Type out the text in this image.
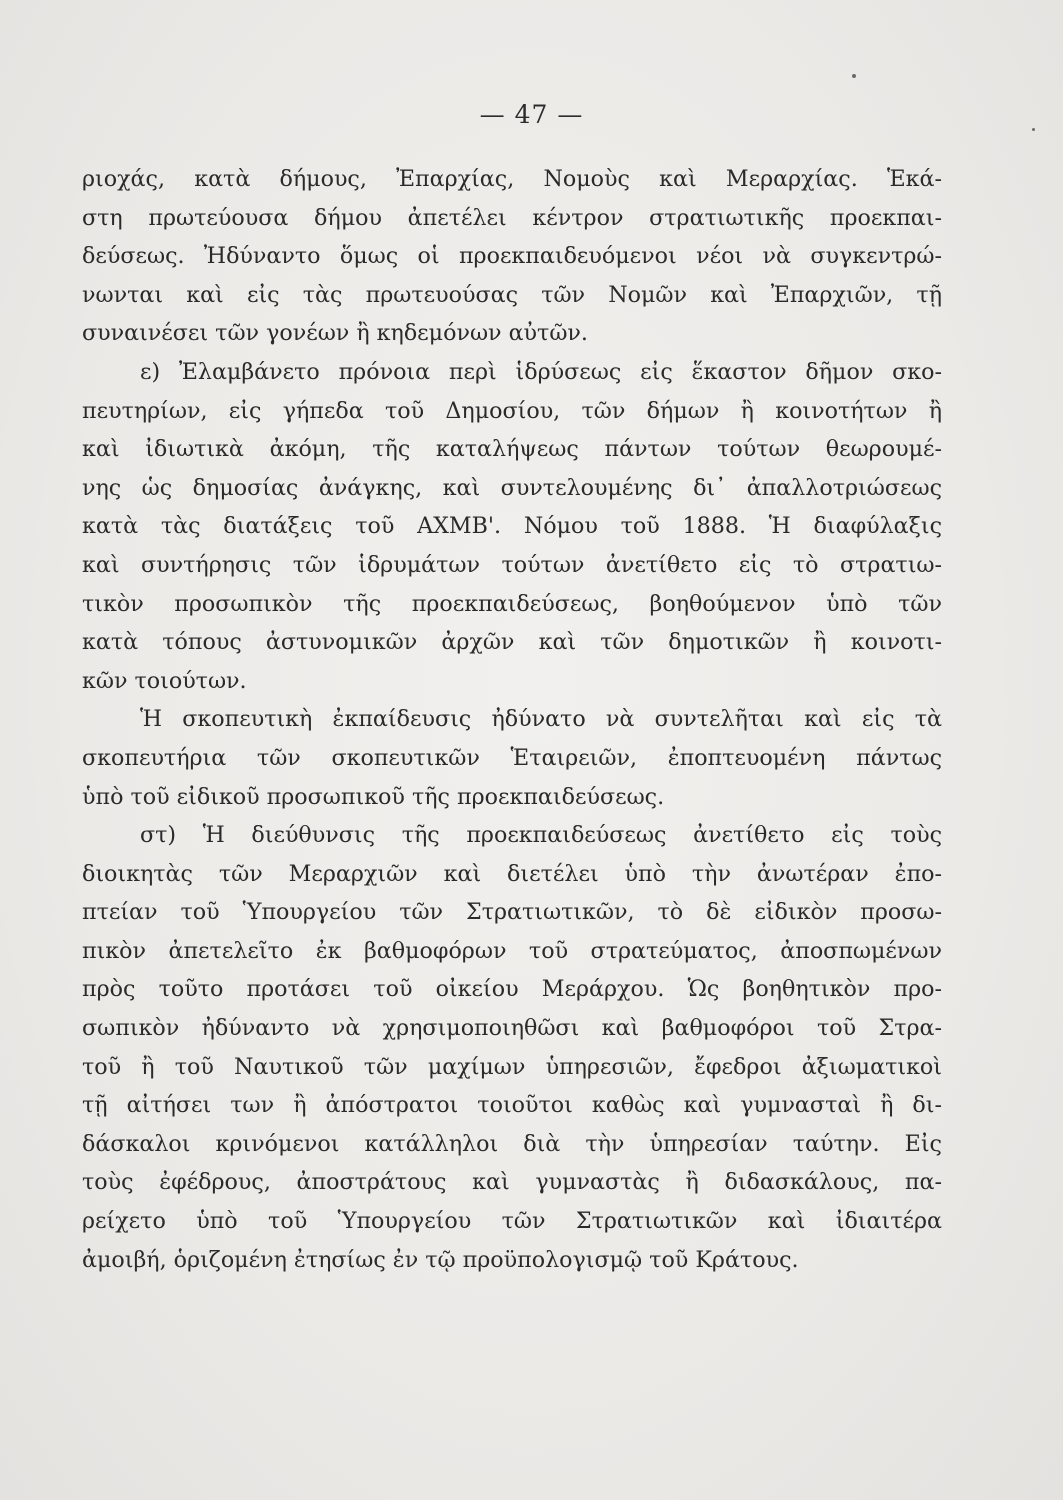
— 47 —
ριοχάς, κατὰ δήμους, Ἐπαρχίας, Νομοὺς καὶ Μεραρχίας. Ἑκά-
στη πρωτεύουσα δήμου ἀπετέλει κέντρον στρατιωτικῆς προεκπαι-
δεύσεως. Ἠδύναντο ὅμως οἱ προεκπαιδευόμενοι νέοι νὰ συγκεντρώ-
νωνται καὶ εἰς τὰς πρωτευούσας τῶν Νομῶν καὶ Ἐπαρχιῶν, τῇ
συναινέσει τῶν γονέων ἢ κηδεμόνων αὐτῶν.
ε) Ἐλαμβάνετο πρόνοια περὶ ἱδρύσεως εἰς ἕκαστον δῆμον σκο-
πευτηρίων, εἰς γήπεδα τοῦ Δημοσίου, τῶν δήμων ἢ κοινοτήτων ἢ
καὶ ἰδιωτικὰ ἀκόμη, τῆς καταλήψεως πάντων τούτων θεωρουμέ-
νης ὡς δημοσίας ἀνάγκης, καὶ συντελουμένης δι᾽ ἀπαλλοτριώσεως
κατὰ τὰς διατάξεις τοῦ ΑΧΜΒ'. Νόμου τοῦ 1888. Ἡ διαφύλαξις
καὶ συντήρησις τῶν ἱδρυμάτων τούτων ἀνετίθετο εἰς τὸ στρατιω-
τικὸν προσωπικὸν τῆς προεκπαιδεύσεως, βοηθούμενον ὑπὸ τῶν
κατὰ τόπους ἀστυνομικῶν ἀρχῶν καὶ τῶν δημοτικῶν ἢ κοινοτι-
κῶν τοιούτων.
Ἡ σκοπευτικὴ ἐκπαίδευσις ἠδύνατο νὰ συντελῆται καὶ εἰς τὰ
σκοπευτήρια τῶν σκοπευτικῶν Ἑταιρειῶν, ἐποπτευομένη πάντως
ὑπὸ τοῦ εἰδικοῦ προσωπικοῦ τῆς προεκπαιδεύσεως.
στ) Ἡ διεύθυνσις τῆς προεκπαιδεύσεως ἀνετίθετο εἰς τοὺς
διοικητὰς τῶν Μεραρχιῶν καὶ διετέλει ὑπὸ τὴν ἀνωτέραν ἐπο-
πτείαν τοῦ Ὑπουργείου τῶν Στρατιωτικῶν, τὸ δὲ εἰδικὸν προσω-
πικὸν ἀπετελεῖτο ἐκ βαθμοφόρων τοῦ στρατεύματος, ἀποσπωμένων
πρὸς τοῦτο προτάσει τοῦ οἰκείου Μεράρχου. Ὡς βοηθητικὸν προ-
σωπικὸν ἠδύναντο νὰ χρησιμοποιηθῶσι καὶ βαθμοφόροι τοῦ Στρα-
τοῦ ἢ τοῦ Ναυτικοῦ τῶν μαχίμων ὑπηρεσιῶν, ἔφεδροι ἀξιωματικοὶ
τῇ αἰτήσει των ἢ ἀπόστρατοι τοιοῦτοι καθὼς καὶ γυμνασταὶ ἢ δι-
δάσκαλοι κρινόμενοι κατάλληλοι διὰ τὴν ὑπηρεσίαν ταύτην. Εἰς
τοὺς ἐφέδρους, ἀποστράτους καὶ γυμναστὰς ἢ διδασκάλους, πα-
ρείχετο ὑπὸ τοῦ Ὑπουργείου τῶν Στρατιωτικῶν καὶ ἰδιαιτέρα
ἀμοιβή, ὁριζομένη ἐτησίως ἐν τῷ προϋπολογισμῷ τοῦ Κράτους.
